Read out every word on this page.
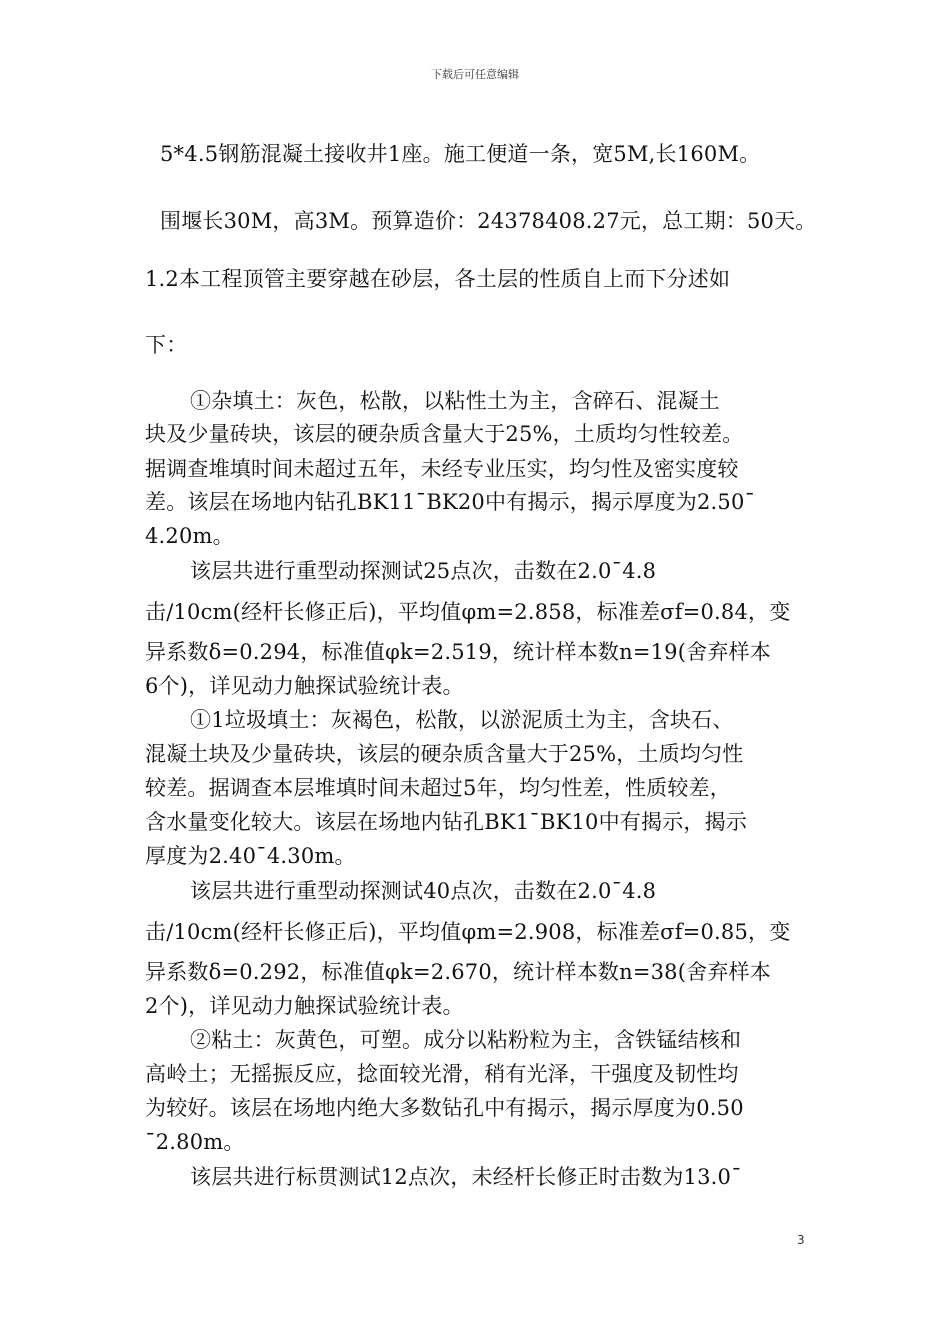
下载后可任意编辑
5*4.5钢筋混凝土接收井1座。施工便道一条，宽5M,长160M。
围堰长30M，高3M。预算造价：24378408.27元，总工期：50天。
1.2本工程顶管主要穿越在砂层，各土层的性质自上而下分述如
下：
①杂填土：灰色，松散，以粘性土为主，含碎石、混凝土
块及少量砖块，该层的硬杂质含量大于25%，土质均匀性较差。
据调查堆填时间未超过五年，未经专业压实，均匀性及密实度较
差。该层在场地内钻孔BK11¯BK20中有揭示，揭示厚度为2.50¯
4.20m。
该层共进行重型动探测试25点次，击数在2.0¯4.8
击/10cm(经杆长修正后)，平均值φm=2.858，标准差σf=0.84，变
异系数δ=0.294，标准值φk=2.519，统计样本数n=19(舍弃样本
6个)，详见动力触探试验统计表。
①1垃圾填土：灰褐色，松散，以淤泥质土为主，含块石、
混凝土块及少量砖块，该层的硬杂质含量大于25%，土质均匀性
较差。据调查本层堆填时间未超过5年，均匀性差，性质较差，
含水量变化较大。该层在场地内钻孔BK1¯BK10中有揭示，揭示
厚度为2.40¯4.30m。
该层共进行重型动探测试40点次，击数在2.0¯4.8
击/10cm(经杆长修正后)，平均值φm=2.908，标准差σf=0.85，变
异系数δ=0.292，标准值φk=2.670，统计样本数n=38(舍弃样本
2个)，详见动力触探试验统计表。
②粘土：灰黄色，可塑。成分以粘粉粒为主，含铁锰结核和
高岭土；无摇振反应，捻面较光滑，稍有光泽，干强度及韧性均
为较好。该层在场地内绝大多数钻孔中有揭示，揭示厚度为0.50
¯2.80m。
该层共进行标贯测试12点次，未经杆长修正时击数为13.0¯
3
